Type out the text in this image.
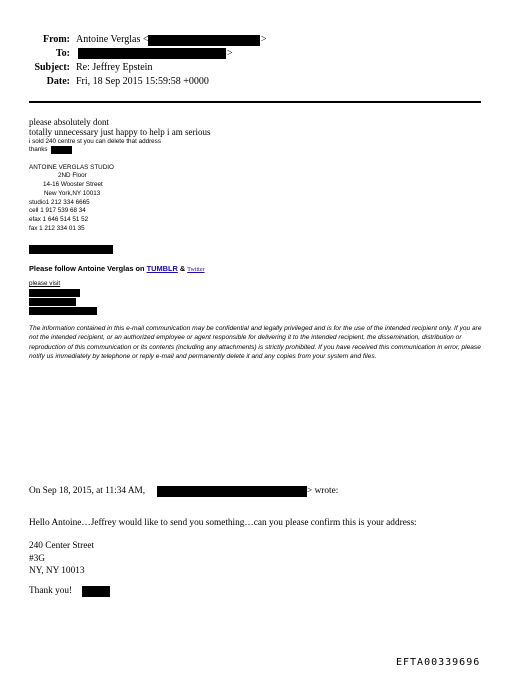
From: Antoine Verglas <	>
To:	>
Subject: Re: Jeffrey Epstein
Date: Fri, 18 Sep 2015 15:59:58 +0000
please absolutely dont
totally unnecessary just happy to help i am serious
i sold 240 centre st you can delete that address
thanks
ANTOINE VERGLAS STUDIO
2ND Floor
14-16 Wooster Street
New York,NY 10013
studio1 212 334 6665
cell 1 917 539 68 34
efax 1 646 514 51 52
fax 1 212 334 01 35
Please follow Antoine Verglas on TUMBLR & Twitter
please visit
The information contained in this e-mail communication may be confidential and legally privileged and is for the use of the intended recipient only. If you are not the intended recipient, or an authorized employee or agent responsible for delivering it to the intended recipient, the dissemination, distribution or reproduction of this communication or its contents (including any attachments) is strictly prohibited. If you have received this communication in error, please notify us immediately by telephone or reply e-mail and permanently delete it and any copies from your system and files.
On Sep 18, 2015, at 11:34 AM,	> wrote:
Hello Antoine…Jeffrey would like to send you something…can you please confirm this is your address:
240 Center Street
#3G
NY, NY 10013
Thank you!
EFTA00339696
